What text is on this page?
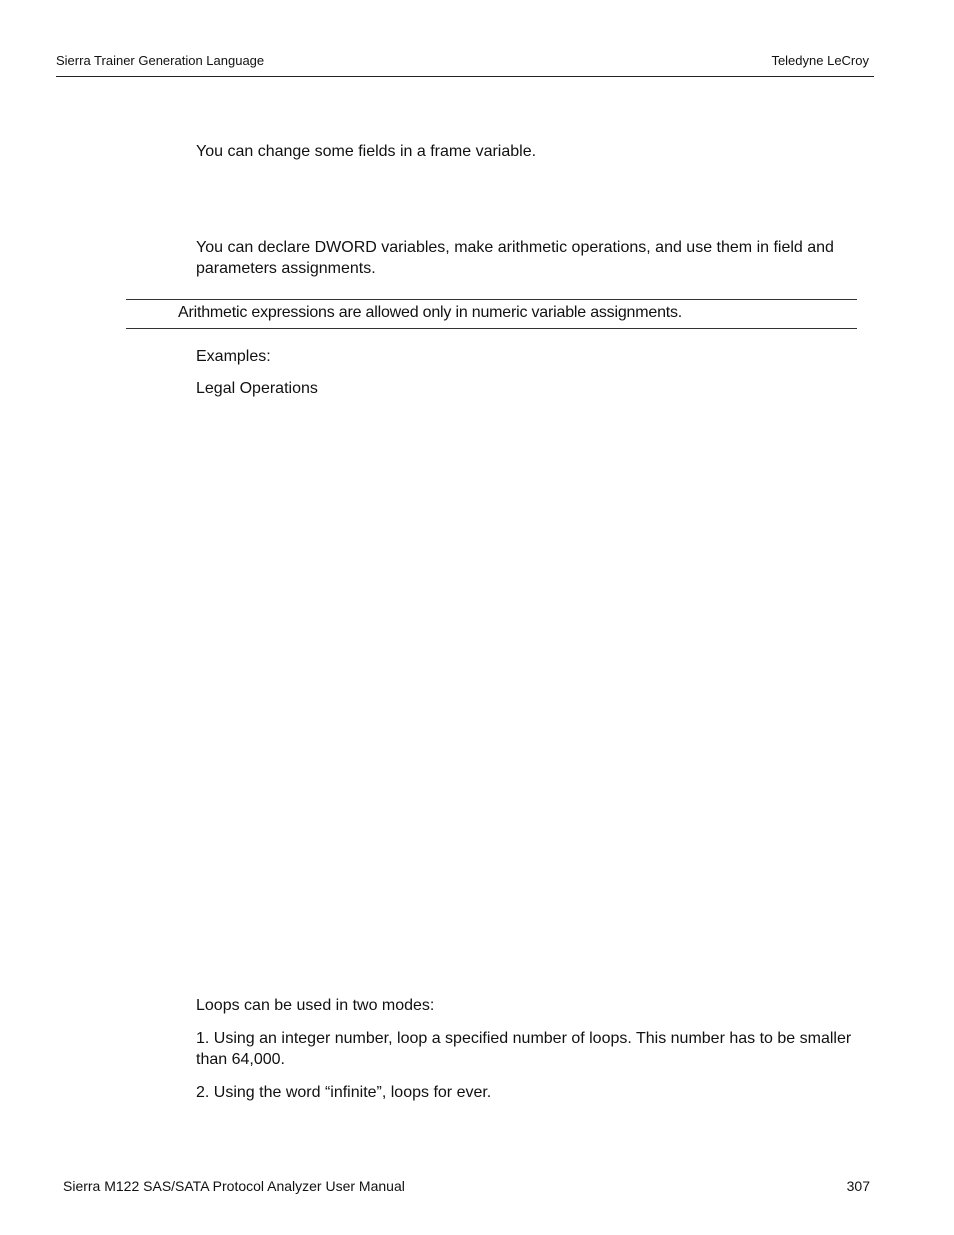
Sierra Trainer Generation Language	Teledyne LeCroy
You can change some fields in a frame variable.
You can declare DWORD variables, make arithmetic operations, and use them in field and parameters assignments.
Arithmetic expressions are allowed only in numeric variable assignments.
Examples:
Legal Operations
Loops can be used in two modes:
1. Using an integer number, loop a specified number of loops. This number has to be smaller than 64,000.
2. Using the word “infinite”, loops for ever.
Sierra M122 SAS/SATA Protocol Analyzer User Manual	307
